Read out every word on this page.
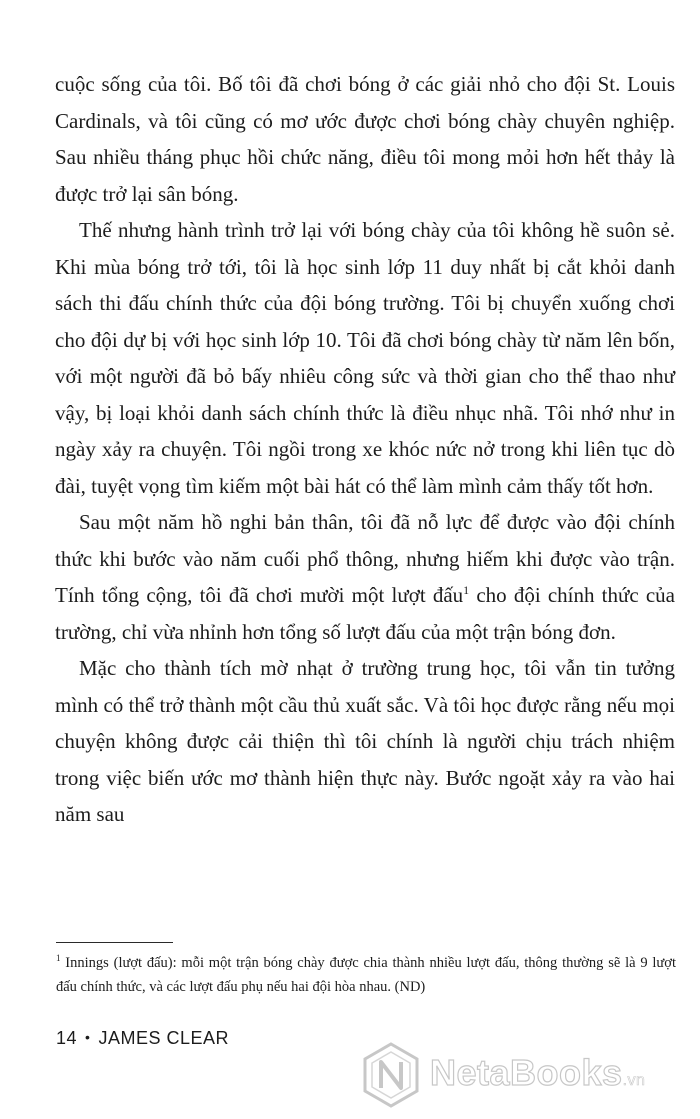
cuộc sống của tôi. Bố tôi đã chơi bóng ở các giải nhỏ cho đội St. Louis Cardinals, và tôi cũng có mơ ước được chơi bóng chày chuyên nghiệp. Sau nhiều tháng phục hồi chức năng, điều tôi mong mỏi hơn hết thảy là được trở lại sân bóng.

Thế nhưng hành trình trở lại với bóng chày của tôi không hề suôn sẻ. Khi mùa bóng trở tới, tôi là học sinh lớp 11 duy nhất bị cắt khỏi danh sách thi đấu chính thức của đội bóng trường. Tôi bị chuyển xuống chơi cho đội dự bị với học sinh lớp 10. Tôi đã chơi bóng chày từ năm lên bốn, với một người đã bỏ bấy nhiêu công sức và thời gian cho thể thao như vậy, bị loại khỏi danh sách chính thức là điều nhục nhã. Tôi nhớ như in ngày xảy ra chuyện. Tôi ngồi trong xe khóc nức nở trong khi liên tục dò đài, tuyệt vọng tìm kiếm một bài hát có thể làm mình cảm thấy tốt hơn.

Sau một năm hồ nghi bản thân, tôi đã nỗ lực để được vào đội chính thức khi bước vào năm cuối phổ thông, nhưng hiếm khi được vào trận. Tính tổng cộng, tôi đã chơi mười một lượt đấu$^1$ cho đội chính thức của trường, chỉ vừa nhỉnh hơn tổng số lượt đấu của một trận bóng đơn.

Mặc cho thành tích mờ nhạt ở trường trung học, tôi vẫn tin tưởng mình có thể trở thành một cầu thủ xuất sắc. Và tôi học được rằng nếu mọi chuyện không được cải thiện thì tôi chính là người chịu trách nhiệm trong việc biến ước mơ thành hiện thực này. Bước ngoặt xảy ra vào hai năm sau

$^1$ Innings (lượt đấu): mỗi một trận bóng chày được chia thành nhiều lượt đấu, thông thường sẽ là 9 lượt đấu chính thức, và các lượt đấu phụ nếu hai đội hòa nhau. (ND)
14 • JAMES CLEAR
NetaBooks.vn
